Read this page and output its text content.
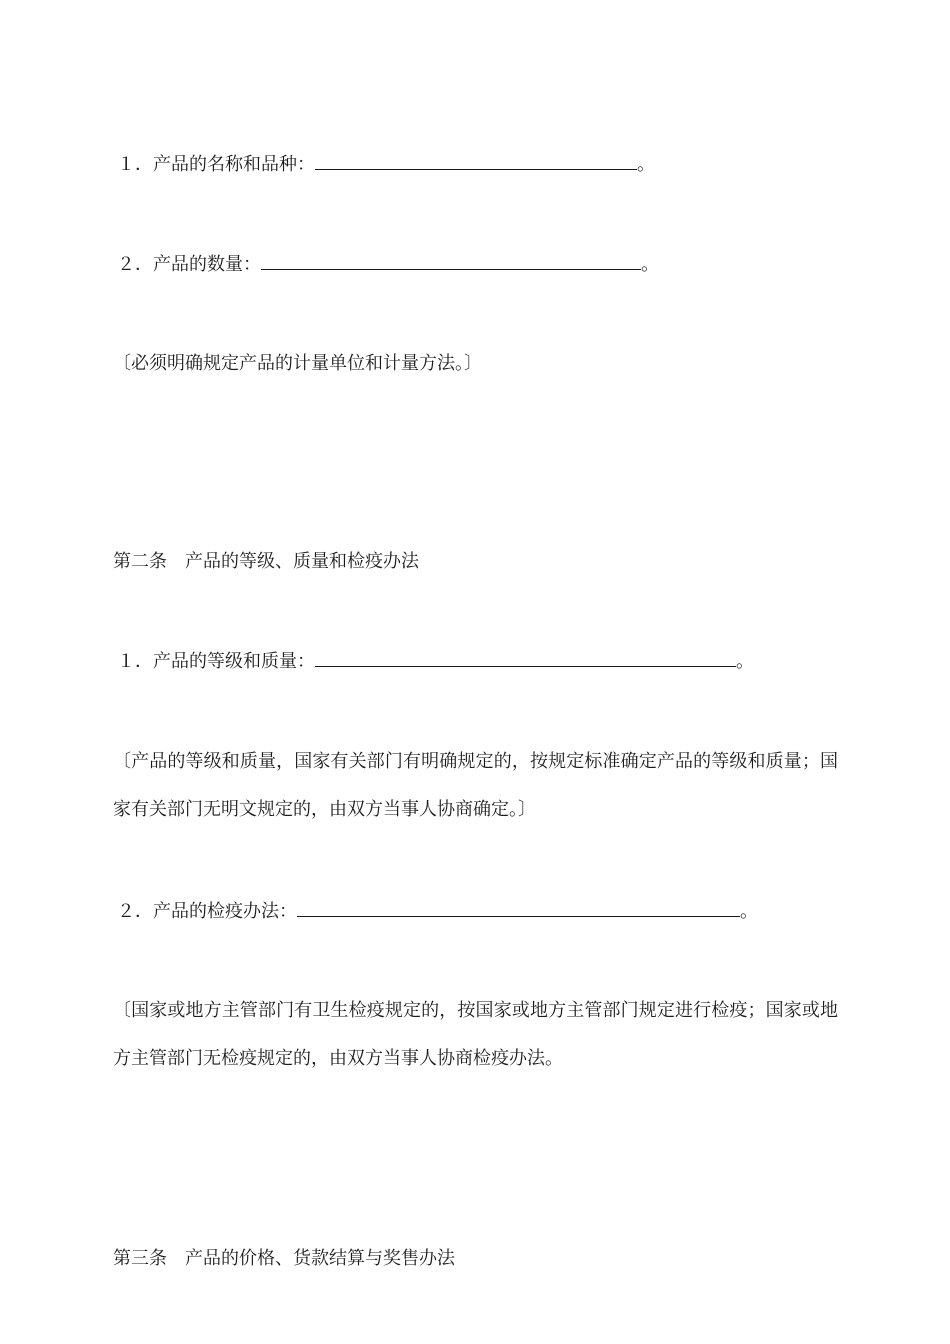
１．产品的名称和品种：	。
２．产品的数量：	。
〔必须明确规定产品的计量单位和计量方法。〕
第二条　产品的等级、质量和检疫办法
１．产品的等级和质量：	。
〔产品的等级和质量，国家有关部门有明确规定的，按规定标准确定产品的等级和质量；国家有关部门无明文规定的，由双方当事人协商确定。〕
２．产品的检疫办法：	。
〔国家或地方主管部门有卫生检疫规定的，按国家或地方主管部门规定进行检疫；国家或地方主管部门无检疫规定的，由双方当事人协商检疫办法。
第三条　产品的价格、货款结算与奖售办法
